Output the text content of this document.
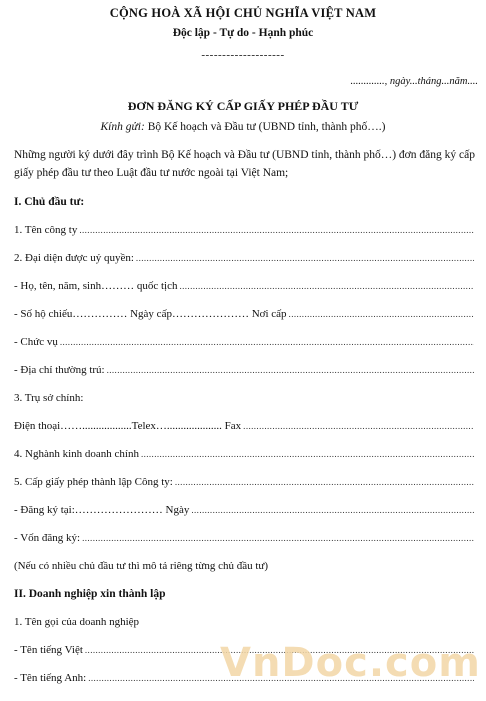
CỘNG HOÀ XÃ HỘI CHỦ NGHĨA VIỆT NAM
Độc lập - Tự do - Hạnh phúc
--------------------
............., ngày...tháng...năm....
ĐƠN ĐĂNG KÝ CẤP GIẤY PHÉP ĐẦU TƯ
Kính gửi: Bộ Kế hoạch và Đầu tư (UBND tỉnh, thành phố….)
Những người ký dưới đây trình Bộ Kế hoạch và Đầu tư (UBND tỉnh, thành phố…) đơn đăng ký cấp giấy phép đầu tư theo Luật đầu tư nước ngoài tại Việt Nam;
I. Chủ đầu tư:
1. Tên công ty
.....
2. Đại diện được uỷ quyền:
.....
- Họ, tên, năm, sinh ………
quốc tịch
.....
- Số hộ chiếu ……………
Ngày cấp …………………
Nơi cấp
.....
- Chức vụ
.....
- Địa chỉ thường trú:
.....
3. Trụ sở chính:
Điện thoại …….................. Telex …....................
Fax
.....
4. Nghành kinh doanh chính
.....
5. Cấp giấy phép thành lập Công ty:
.....
- Đăng ký tại: ……………………
Ngày
.....
- Vốn đăng ký:
.....
(Nếu có nhiều chủ đầu tư thì mô tả riêng từng chủ đầu tư)
II. Doanh nghiệp xin thành lập
1. Tên gọi của doanh nghiệp
- Tên tiếng Việt
.....
- Tên tiếng Anh:
.....	VnDoc.com
